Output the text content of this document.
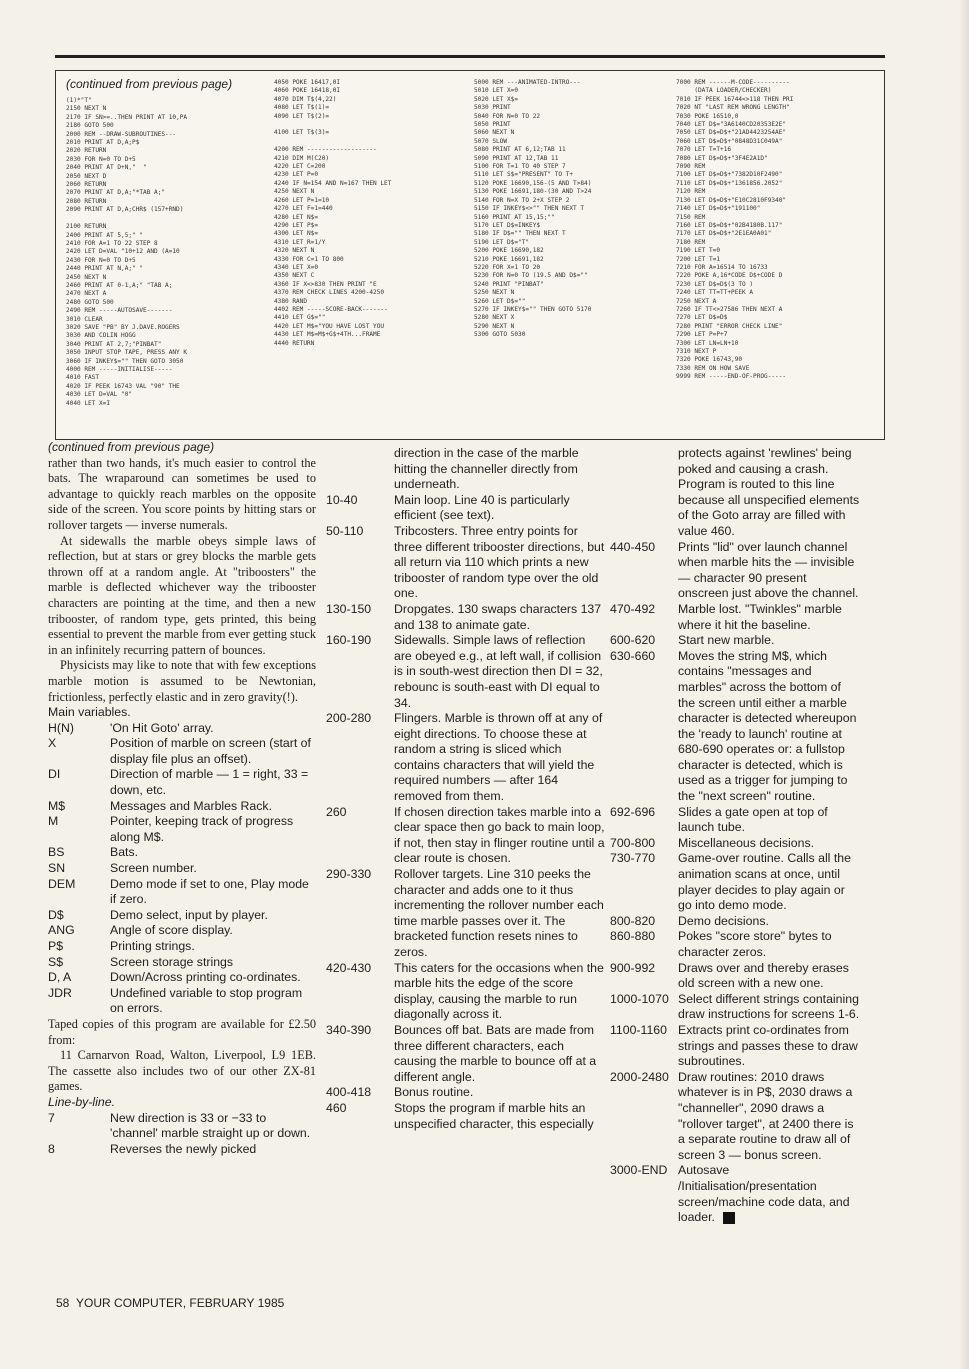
(continued from previous page)
(1)*"T"
2150 NEXT N
2170 IF SN>=..THEN PRINT AT 10,PA
2180 GOTO 500
2000 REM --DRAW-SUBROUTINES---
2010 PRINT AT D,A;P$
2020 RETURN
2030 FOR N=0 TO D+5
2040 PRINT AT D+N,"  "
2050 NEXT D
2060 RETURN
2070 PRINT AT D,A;"*TAB A;"
2080 RETURN
2090 PRINT AT D,A;CHR$ (157+RND)

2100 RETURN
2400 PRINT AT 5,5;" "
2410 FOR A=1 TO 22 STEP 8
2420 LET D=VAL "10+12 AND (A=10
2430 FOR N=0 TO D+5
2440 PRINT AT N,A;" "
2450 NEXT N
2460 PRINT AT 0-1,A;" "TAB A;
2470 NEXT A
2480 GOTO 500
2490 REM -----AUTOSAVE-------
3010 CLEAR
3020 SAVE "PB" BY J.DAVE.ROGERS
3030 AND COLIN HOGG
3040 PRINT AT 2,7;"PINBAT"
3050 INPUT STOP TAPE, PRESS ANY K
3060 IF INKEY$="" THEN GOTO 3050
4000 REM -----INITIALISE-----
4010 FAST
4020 IF PEEK 16743 VAL "90" THE
4030 LET D=VAL "0"
4040 LET X=I
4050 POKE 16417,0I
4060 POKE 16418,0I
4070 DIM T$(4,22)
4080 LET T$(1)=
4090 LET T$(2)=

4100 LET T$(3)=

4200 REM -------------------
4210 DIM M(C20)
4220 LET C=200
4230 LET P=0
4240 IF N=154 AND N=167 THEN LET
4250 NEXT N
4260 LET P=1=10
4270 LET F=1=440
4280 LET N$=
4290 LET P$=
4300 LET N$=
4310 LET R=1/Y
4320 NEXT N
4330 FOR C=1 TO 800
4340 LET X=0
4350 NEXT C
4360 IF X<>830 THEN PRINT "E
4370 REM CHECK LINES 4200-4250
4380 RAND
4402 REM -----SCORE-BACK-------
4410 LET G$=""
4420 LET M$="YOU HAVE LOST YOU
4430 LET M$=M$+G$+4TH...FRAME
4440 RETURN
5000 REM ---ANIMATED-INTRO---
5010 LET X=0
5020 LET X$=
5030 PRINT
5040 FOR N=0 TO 22
5050 PRINT
5060 NEXT N
5070 SLOW
5080 PRINT AT 6,12;TAB 11
5090 PRINT AT 12,TAB 11
5100 FOR T=1 TO 40 STEP 7
5110 LET S$="PRESENT" TO T+
5120 POKE 16690,156-(5 AND T>84)
5130 POKE 16691,180-(30 AND T>24
5140 FOR N=X TO 2+X STEP 2
5150 IF INKEY$<>"" THEN NEXT T
5160 PRINT AT 15,15;""
5170 LET D$=INKEY$
5180 IF D$="" THEN NEXT T
5190 LET D$="T"
5200 POKE 16690,182
5210 POKE 16691,182
5220 FOR X=1 TO 20
5230 FOR N=0 TO (19.5 AND D$=""
5240 PRINT "PINBAT"
5250 NEXT N
5260 LET D$=""
5270 IF INKEY$="" THEN GOTO 5170
5280 NEXT X
5290 NEXT N
5300 GOTO 5030
7000 REM ------M-CODE----------
(DATA LOADER/CHECKER)
7010 IF PEEK 16744<>118 THEN PRI
7020 NT "LAST REM WRONG LENGTH"
7030 POKE 16510,0
7040 LET D$="3A6140CD20353E2E"
7050 LET D$=D$+"21AD4423254AE"
7060 LET D$=D$+"0848D31C049A"
7070 LET T=T+16
7080 LET D$=D$+"3F4E2A1D"
7090 REM
7100 LET D$=D$+"7382D10F2490"
7110 LET D$=D$+"1361856.2052"
7120 REM
7130 LET D$=D$+"E10C2810F9340"
7140 LET D$=D$+"191100"
7150 REM
7160 LET D$=D$+"02B4180B.117"
7170 LET D$=D$+"2E1EA0A01"
7180 REM
7190 LET T=0
7200 LET T=1
7210 FOR A=16514 TO 16733
7220 POKE A,16*CODE D$+CODE D
7230 LET D$=D$(3 TO )
7240 LET TT=TT+PEEK A
7250 NEXT A
7260 IF TT<>27586 THEN NEXT A
7270 LET D$=D$
7280 PRINT "ERROR CHECK LINE"
7290 LET P=P+7
7300 LET LN=LN+10
7310 NEXT P
7320 POKE 16743,90
7330 REM ON HOW SAVE
9999 REM -----END-OF-PROG-----

(continued from previous page)

rather than two hands, it's much easier to control the bats. The wraparound can sometimes be used to advantage to quickly reach marbles on the opposite side of the screen. You score points by hitting stars or rollover targets — inverse numerals.

At sidewalls the marble obeys simple laws of reflection, but at stars or grey blocks the marble gets thrown off at a random angle. At "triboosters" the marble is deflected whichever way the tribooster characters are pointing at the time, and then a new tribooster, of random type, gets printed, this being essential to prevent the marble from ever getting stuck in an infinitely recurring pattern of bounces.

Physicists may like to note that with few exceptions marble motion is assumed to be Newtonian, frictionless, perfectly elastic and in zero gravity(!).

Main variables.

H(N)	'On Hit Goto' array.
X	Position of marble on screen (start of display file plus an offset).
DI	Direction of marble — 1 = right, 33 = down, etc.
M$	Messages and Marbles Rack.
M	Pointer, keeping track of progress along M$.
BS	Bats.
SN	Screen number.
DEM	Demo mode if set to one, Play mode if zero.
D$	Demo select, input by player.
ANG	Angle of score display.
P$	Printing strings.
S$	Screen storage strings
D, A	Down/Across printing co-ordinates.
JDR	Undefined variable to stop program on errors.

Taped copies of this program are available for £2.50 from:

11 Carnarvon Road, Walton, Liverpool, L9 1EB. The cassette also includes two of our other ZX-81 games.

Line-by-line.

7	New direction is 33 or −33 to 'channel' marble straight up or down.
8	Reverses the newly picked
direction in the case of the marble hitting the channeller directly from underneath.
10-40	Main loop. Line 40 is particularly efficient (see text).
50-110	Tribcosters. Three entry points for three different tribooster directions, but all return via 110 which prints a new tribooster of random type over the old one.
130-150	Dropgates. 130 swaps characters 137 and 138 to animate gate.
160-190	Sidewalls. Simple laws of reflection are obeyed e.g., at left wall, if collision is in south-west direction then DI = 32, rebounc is south-east with DI equal to 34.
200-280	Flingers. Marble is thrown off at any of eight directions. To choose these at random a string is sliced which contains characters that will yield the required numbers — after 164 removed from them.
260	If chosen direction takes marble into a clear space then go back to main loop, if not, then stay in flinger routine until a clear route is chosen.
290-330	Rollover targets. Line 310 peeks the character and adds one to it thus incrementing the rollover number each time marble passes over it. The bracketed function resets nines to zeros.
420-430	This caters for the occasions when the marble hits the edge of the score display, causing the marble to run diagonally across it.
340-390	Bounces off bat. Bats are made from three different characters, each causing the marble to bounce off at a different angle.
400-418	Bonus routine.
460	Stops the program if marble hits an unspecified character, this especially
protects against 'rewlines' being poked and causing a crash. Program is routed to this line because all unspecified elements of the Goto array are filled with value 460.
440-450	Prints "lid" over launch channel when marble hits the — invisible — character 90 present onscreen just above the channel.
470-492	Marble lost. "Twinkles" marble where it hit the baseline.
600-620	Start new marble.
630-660	Moves the string M$, which contains "messages and marbles" across the bottom of the screen until either a marble character is detected whereupon the 'ready to launch' routine at 680-690 operates or: a fullstop character is detected, which is used as a trigger for jumping to the "next screen" routine.
692-696	Slides a gate open at top of launch tube.
700-800	Miscellaneous decisions.
730-770	Game-over routine. Calls all the animation scans at once, until player decides to play again or go into demo mode.
800-820	Demo decisions.
860-880	Pokes "score store" bytes to character zeros.
900-992	Draws over and thereby erases old screen with a new one.
1000-1070 Select different strings containing draw instructions for screens 1-6.
1100-1160 Extracts print co-ordinates from strings and passes these to draw subroutines.
2000-2480 Draw routines: 2010 draws whatever is in P$, 2030 draws a "channeller", 2090 draws a "rollover target", at 2400 there is a separate routine to draw all of screen 3 — bonus screen.
3000-END Autosave /Initialisation/presentation screen/machine code data, and loader.
58 YOUR COMPUTER, FEBRUARY 1985
